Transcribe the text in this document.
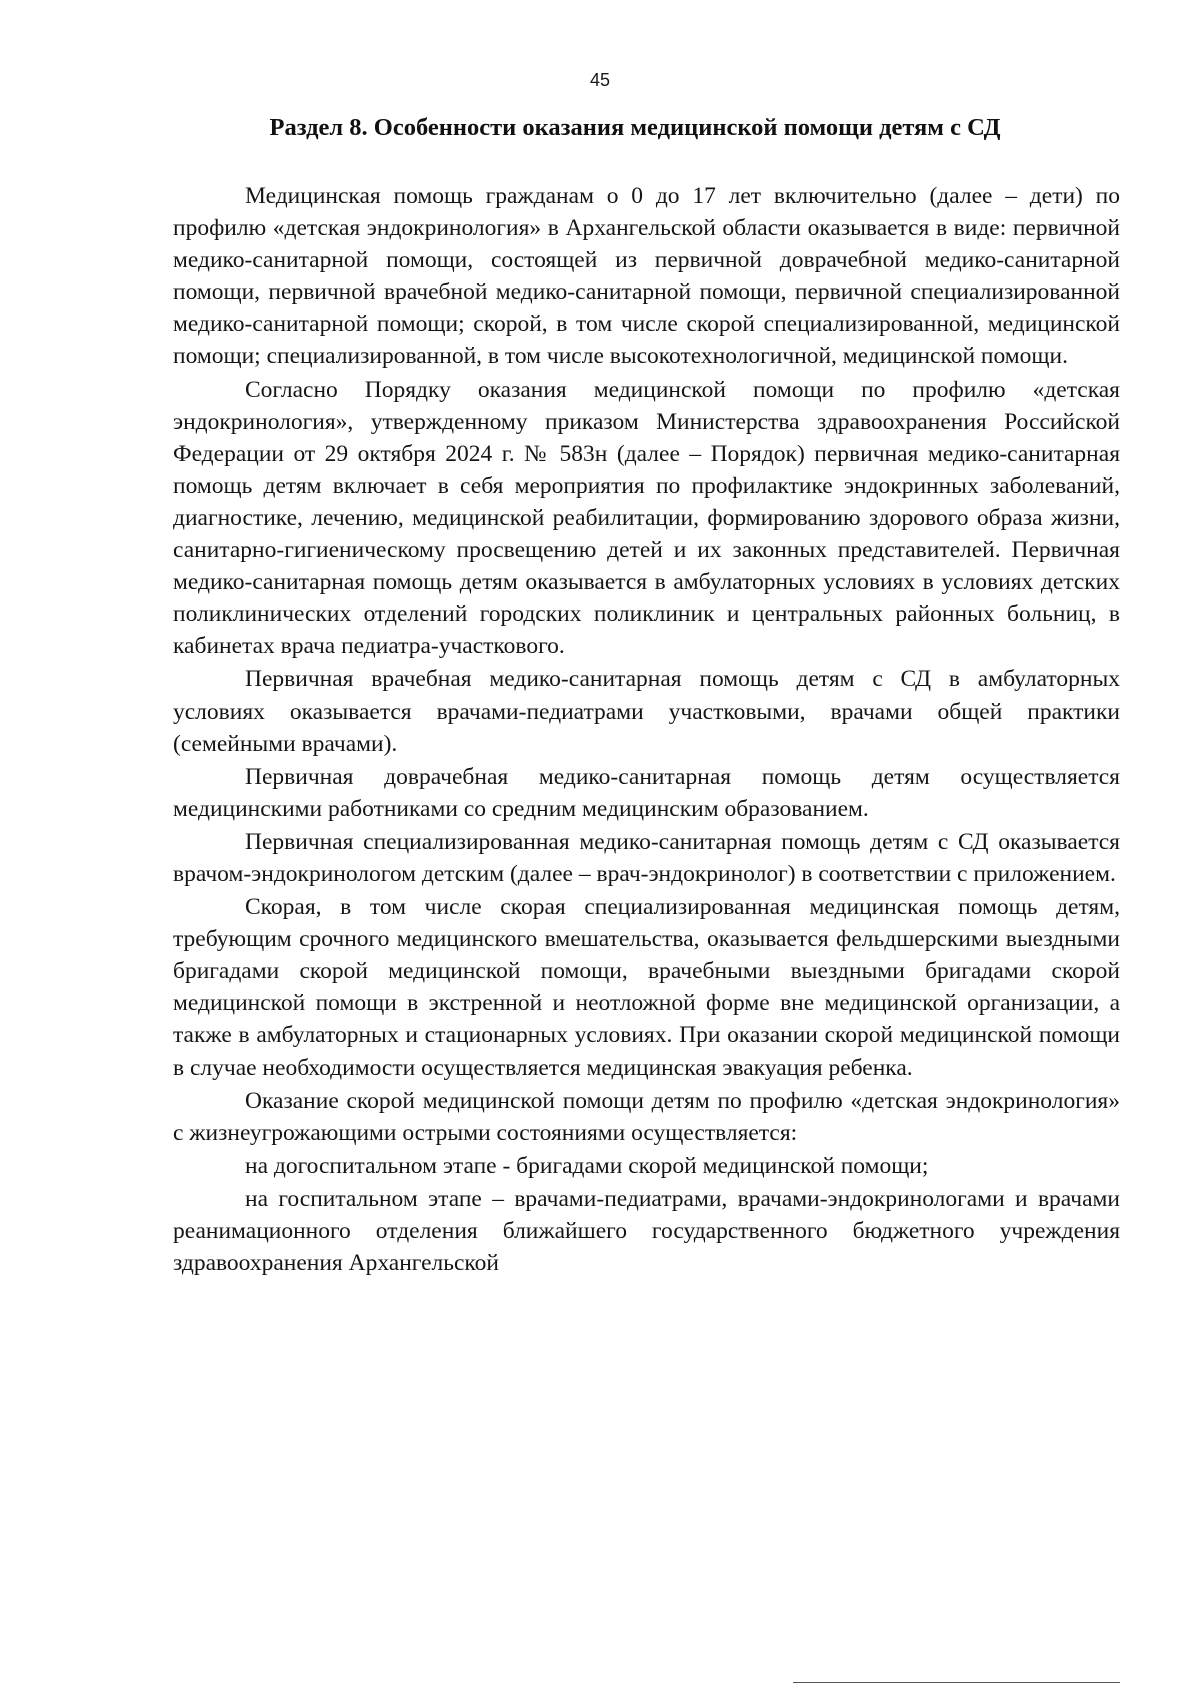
45
Раздел 8. Особенности оказания медицинской помощи детям с СД

Медицинская помощь гражданам о 0 до 17 лет включительно (далее – дети) по профилю «детская эндокринология» в Архангельской области оказывается в виде: первичной медико-санитарной помощи, состоящей из первичной доврачебной медико-санитарной помощи, первичной врачебной медико-санитарной помощи, первичной специализированной медико-санитарной помощи; скорой, в том числе скорой специализированной, медицинской помощи; специализированной, в том числе высокотехнологичной, медицинской помощи.

Согласно Порядку оказания медицинской помощи по профилю «детская эндокринология», утвержденному приказом Министерства здравоохранения Российской Федерации от 29 октября 2024 г. № 583н (далее – Порядок) первичная медико-санитарная помощь детям включает в себя мероприятия по профилактике эндокринных заболеваний, диагностике, лечению, медицинской реабилитации, формированию здорового образа жизни, санитарно-гигиеническому просвещению детей и их законных представителей. Первичная медико-санитарная помощь детям оказывается в амбулаторных условиях в условиях детских поликлинических отделений городских поликлиник и центральных районных больниц, в кабинетах врача педиатра-участкового.

Первичная врачебная медико-санитарная помощь детям с СД в амбулаторных условиях оказывается врачами-педиатрами участковыми, врачами общей практики (семейными врачами).

Первичная доврачебная медико-санитарная помощь детям осуществляется медицинскими работниками со средним медицинским образованием.

Первичная специализированная медико-санитарная помощь детям с СД оказывается врачом-эндокринологом детским (далее – врач-эндокринолог) в соответствии с приложением.

Скорая, в том числе скорая специализированная медицинская помощь детям, требующим срочного медицинского вмешательства, оказывается фельдшерскими выездными бригадами скорой медицинской помощи, врачебными выездными бригадами скорой медицинской помощи в экстренной и неотложной форме вне медицинской организации, а также в амбулаторных и стационарных условиях. При оказании скорой медицинской помощи в случае необходимости осуществляется медицинская эвакуация ребенка.

Оказание скорой медицинской помощи детям по профилю «детская эндокринология» с жизнеугрожающими острыми состояниями осуществляется:

на догоспитальном этапе - бригадами скорой медицинской помощи;

на госпитальном этапе – врачами-педиатрами, врачами-эндокринологами и врачами реанимационного отделения ближайшего государственного бюджетного учреждения здравоохранения Архангельской
